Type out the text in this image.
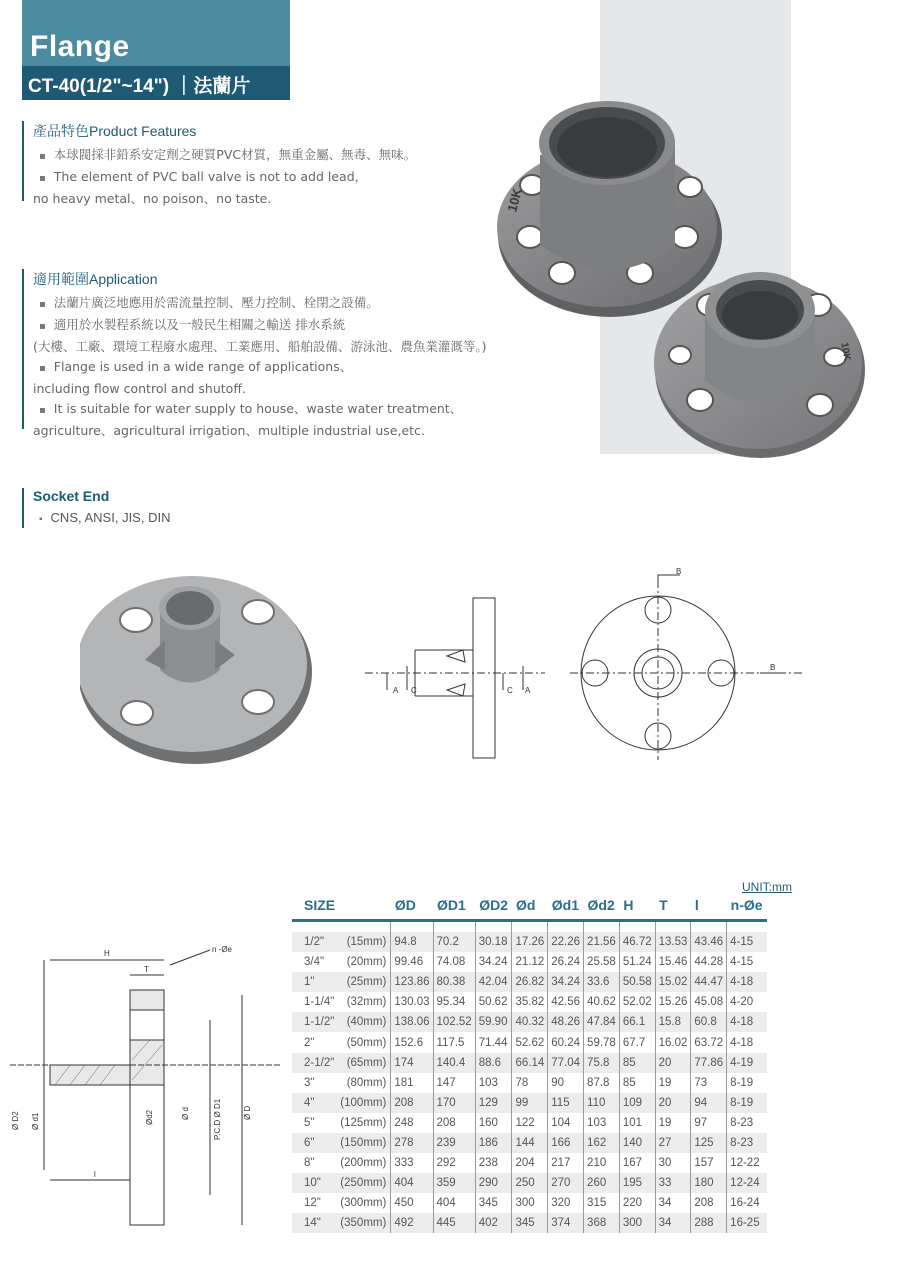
Flange
CT-40(1/2"~14") ｜法蘭片
產品特色Product Features

▪ 本球閥採非鉛系安定劑之硬質PVC材質，無重金屬、無毒、無味。

▪ The element of PVC ball valve is not to add lead，

no heavy metal、no poison、no taste.

適用範圍Application

▪ 法蘭片廣泛地應用於需流量控制、壓力控制、栓閉之設備。

▪ 適用於水製程系統以及一般民生相關之輸送 排水系統

(大樓、工廠、環境工程廢水處理、工業應用、船舶設備、游泳池、農魚業灌溉等。)

▪ Flange is used in a wide range of applications、

including flow control and shutoff.

▪ It is suitable for water supply to house、waste water treatment、

agriculture、agricultural irrigation、multiple industrial use,etc.

Socket End

▪ CNS, ANSI, JIS, DIN

10K
10K
A C	C A
B
B
H
T
n -Øe
l
Ø D2 Ø d1	Ød2	Ø d	P.C.D Ø D1	Ø D
UNIT:mm
SIZE		ØD	ØD1	ØD2	Ød	Ød1	Ød2	H	T	l	n-Øe

1/2"	(15mm)	94.8	70.2	30.18	17.26	22.26	21.56	46.72	13.53	43.46	4-15
3/4"	(20mm)	99.46	74.08	34.24	21.12	26.24	25.58	51.24	15.46	44.28	4-15
1"	(25mm)	123.86	80.38	42.04	26.82	34.24	33.6	50.58	15.02	44.47	4-18
1-1/4"	(32mm)	130.03	95.34	50.62	35.82	42.56	40.62	52.02	15.26	45.08	4-20
1-1/2"	(40mm)	138.06	102.52	59.90	40.32	48.26	47.84	66.1	15.8	60.8	4-18
2"	(50mm)	152.6	117.5	71.44	52.62	60.24	59.78	67.7	16.02	63.72	4-18
2-1/2"	(65mm)	174	140.4	88.6	66.14	77.04	75.8	85	20	77.86	4-19
3"	(80mm)	181	147	103	78	90	87.8	85	19	73	8-19
4"	(100mm)	208	170	129	99	115	110	109	20	94	8-19
5"	(125mm)	248	208	160	122	104	103	101	19	97	8-23
6"	(150mm)	278	239	186	144	166	162	140	27	125	8-23
8"	(200mm)	333	292	238	204	217	210	167	30	157	12-22
10"	(250mm)	404	359	290	250	270	260	195	33	180	12-24
12"	(300mm)	450	404	345	300	320	315	220	34	208	16-24
14"	(350mm)	492	445	402	345	374	368	300	34	288	16-25
